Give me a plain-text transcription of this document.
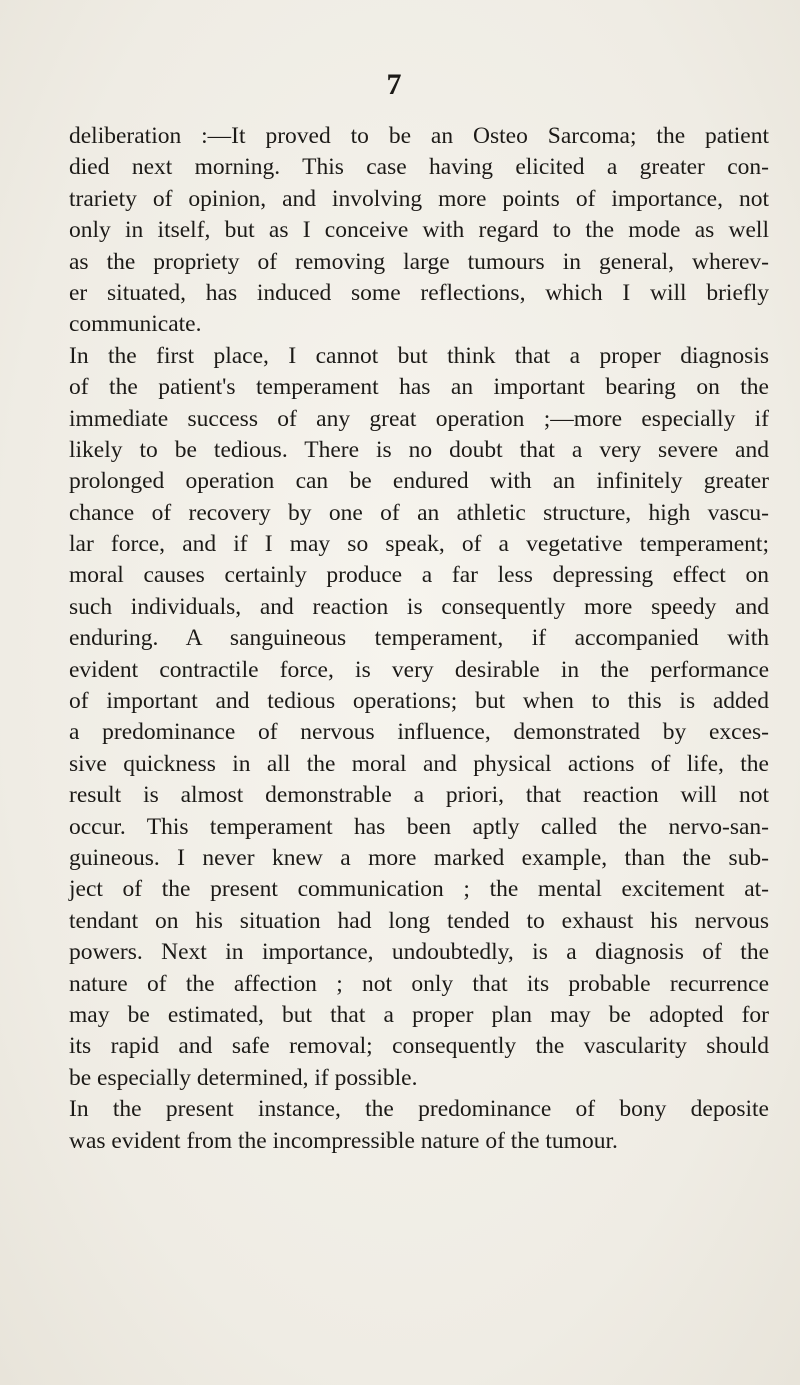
7
deliberation :—It proved to be an Osteo Sarcoma; the patient
died next morning. This case having elicited a greater con-
trariety of opinion, and involving more points of importance, not
only in itself, but as I conceive with regard to the mode as well
as the propriety of removing large tumours in general, wherev-
er situated, has induced some reflections, which I will briefly
communicate.
In the first place, I cannot but think that a proper diagnosis
of the patient's temperament has an important bearing on the
immediate success of any great operation ;—more especially if
likely to be tedious. There is no doubt that a very severe and
prolonged operation can be endured with an infinitely greater
chance of recovery by one of an athletic structure, high vascu-
lar force, and if I may so speak, of a vegetative temperament;
moral causes certainly produce a far less depressing effect on
such individuals, and reaction is consequently more speedy and
enduring. A sanguineous temperament, if accompanied with
evident contractile force, is very desirable in the performance
of important and tedious operations; but when to this is added
a predominance of nervous influence, demonstrated by exces-
sive quickness in all the moral and physical actions of life, the
result is almost demonstrable a priori, that reaction will not
occur. This temperament has been aptly called the nervo-san-
guineous. I never knew a more marked example, than the sub-
ject of the present communication ; the mental excitement at-
tendant on his situation had long tended to exhaust his nervous
powers. Next in importance, undoubtedly, is a diagnosis of the
nature of the affection ; not only that its probable recurrence
may be estimated, but that a proper plan may be adopted for
its rapid and safe removal; consequently the vascularity should
be especially determined, if possible.
In the present instance, the predominance of bony deposite
was evident from the incompressible nature of the tumour.
